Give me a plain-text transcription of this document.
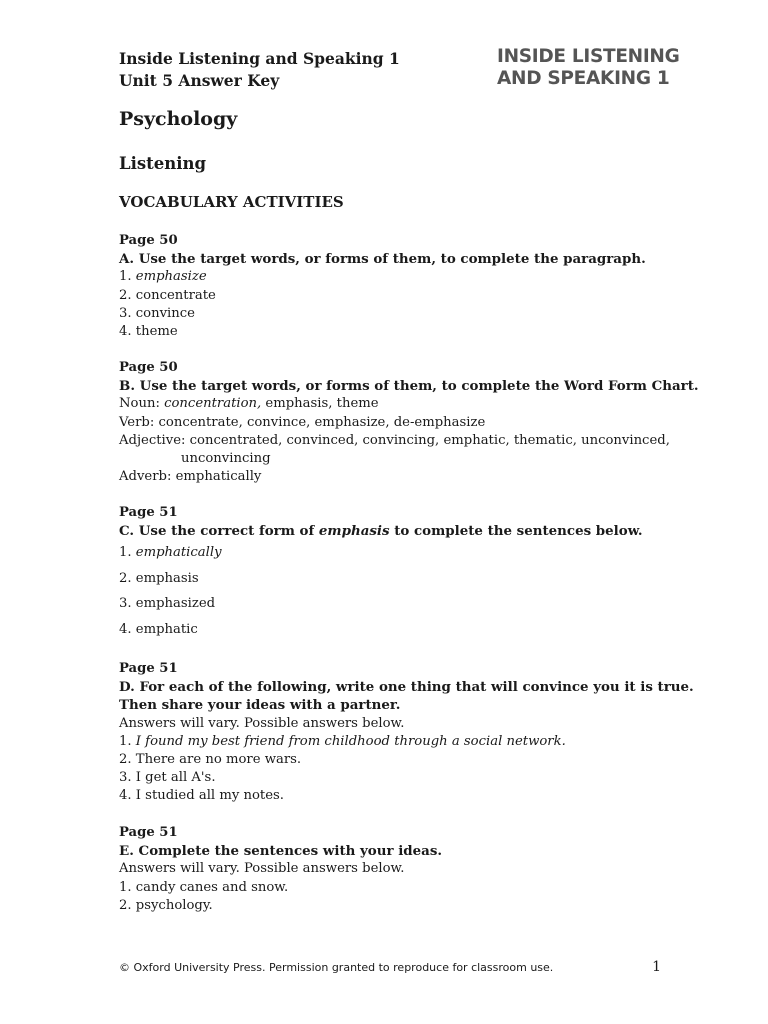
Inside Listening and Speaking 1
Unit 5 Answer Key
INSIDE LISTENING
AND SPEAKING 1
Psychology
Listening
VOCABULARY ACTIVITIES
Page 50
A. Use the target words, or forms of them, to complete the paragraph.
1. emphasize
2. concentrate
3. convince
4. theme
Page 50
B. Use the target words, or forms of them, to complete the Word Form Chart.
Noun: concentration, emphasis, theme
Verb: concentrate, convince, emphasize, de-emphasize
Adjective: concentrated, convinced, convincing, emphatic, thematic, unconvinced,
unconvincing
Adverb: emphatically
Page 51
C. Use the correct form of emphasis to complete the sentences below.
1. emphatically
2. emphasis
3. emphasized
4. emphatic
Page 51
D. For each of the following, write one thing that will convince you it is true.
Then share your ideas with a partner.
Answers will vary. Possible answers below.
1. I found my best friend from childhood through a social network.
2. There are no more wars.
3. I get all A's.
4. I studied all my notes.
Page 51
E. Complete the sentences with your ideas.
Answers will vary. Possible answers below.
1. candy canes and snow.
2. psychology.
© Oxford University Press. Permission granted to reproduce for classroom use.	1
